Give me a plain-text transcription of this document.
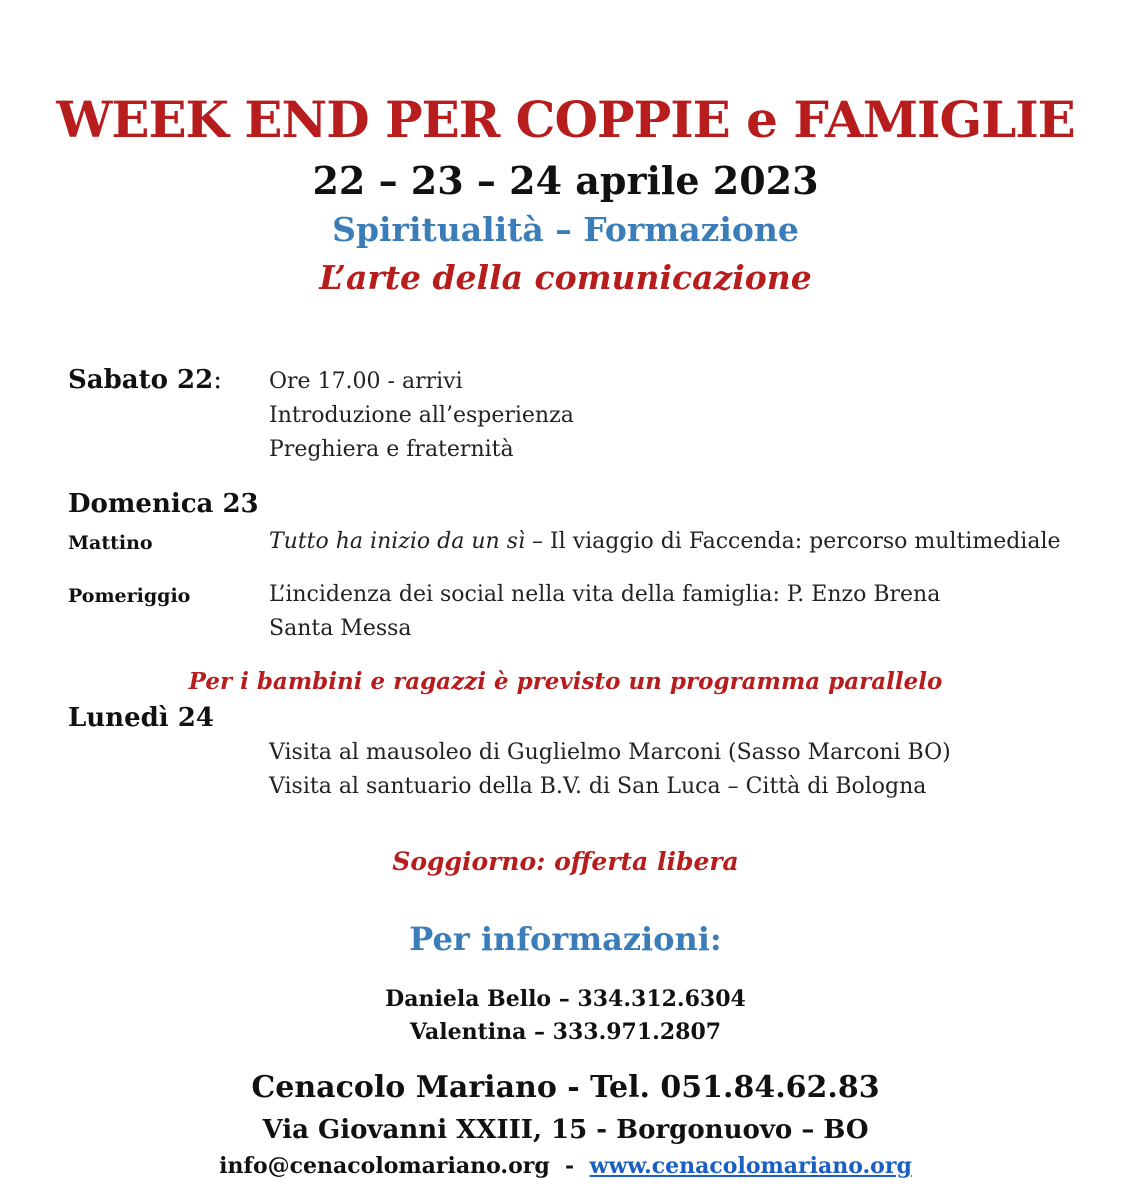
WEEK END PER COPPIE e FAMIGLIE
22 – 23 – 24 aprile 2023
Spiritualità – Formazione
L’arte della comunicazione
Sabato 22: Ore 17.00 - arrivi
Introduzione all’esperienza
Preghiera e fraternità
Domenica 23
Mattino	Tutto ha inizio da un sì – Il viaggio di Faccenda: percorso multimediale
Pomeriggio	L’incidenza dei social nella vita della famiglia: P. Enzo Brena
Santa Messa
Per i bambini e ragazzi è previsto un programma parallelo
Lunedì 24
Visita al mausoleo di Guglielmo Marconi (Sasso Marconi BO)
Visita al santuario della B.V. di San Luca – Città di Bologna
Soggiorno: offerta libera
Per informazioni:
Daniela Bello – 334.312.6304
Valentina – 333.971.2807
Cenacolo Mariano - Tel. 051.84.62.83
Via Giovanni XXIII, 15 - Borgonuovo – BO
info@cenacolomariano.org  -  www.cenacolomariano.org
